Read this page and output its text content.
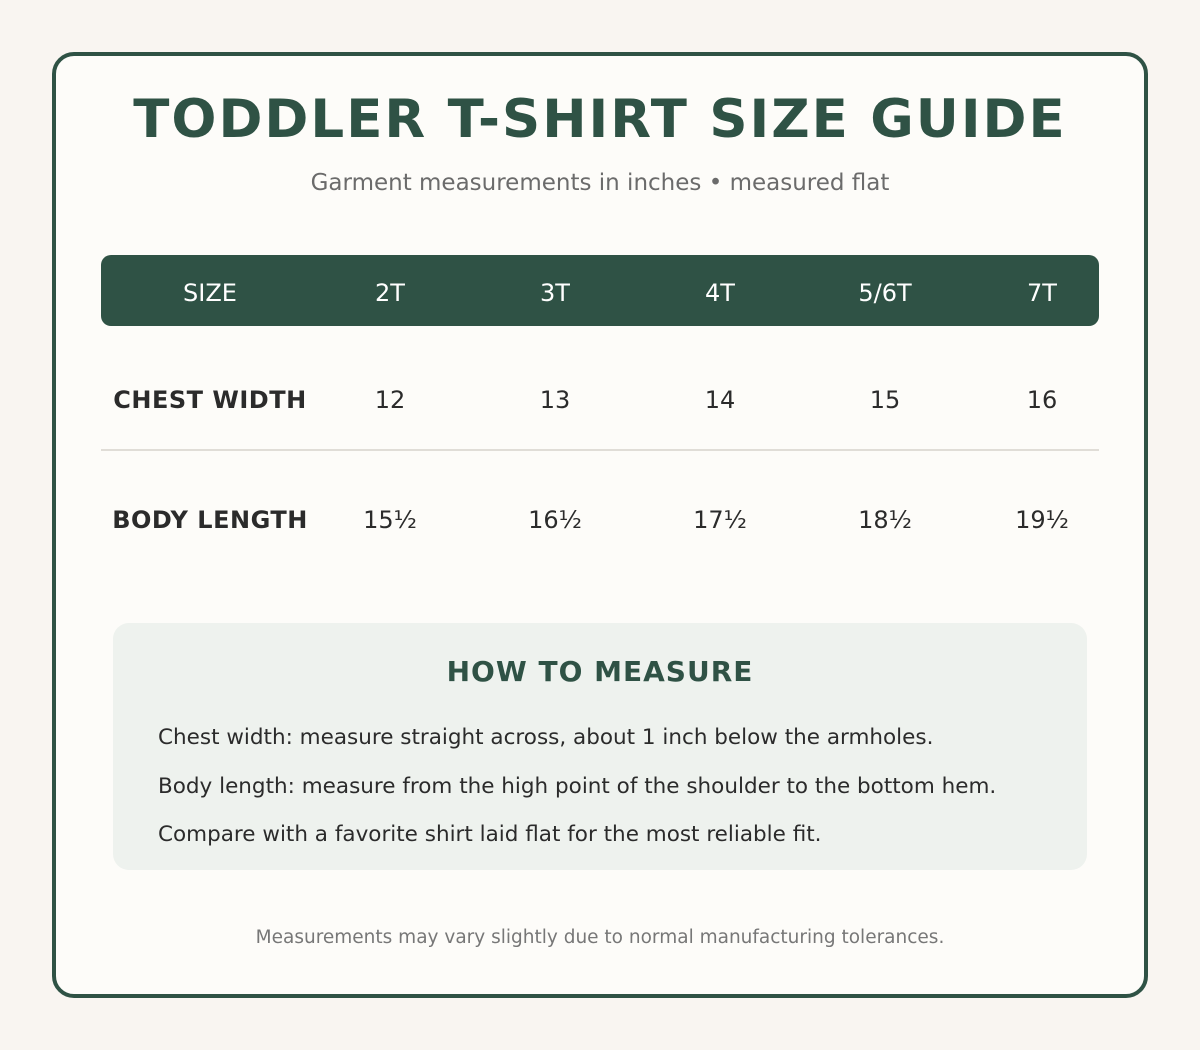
TODDLER T-SHIRT SIZE GUIDE
Garment measurements in inches • measured flat
SIZE	2T	3T	4T	5/6T	7T
CHEST WIDTH	12	13	14	15	16
BODY LENGTH	15½	16½	17½	18½	19½
HOW TO MEASURE
Chest width: measure straight across, about 1 inch below the armholes.
Body length: measure from the high point of the shoulder to the bottom hem.
Compare with a favorite shirt laid flat for the most reliable fit.
Measurements may vary slightly due to normal manufacturing tolerances.
